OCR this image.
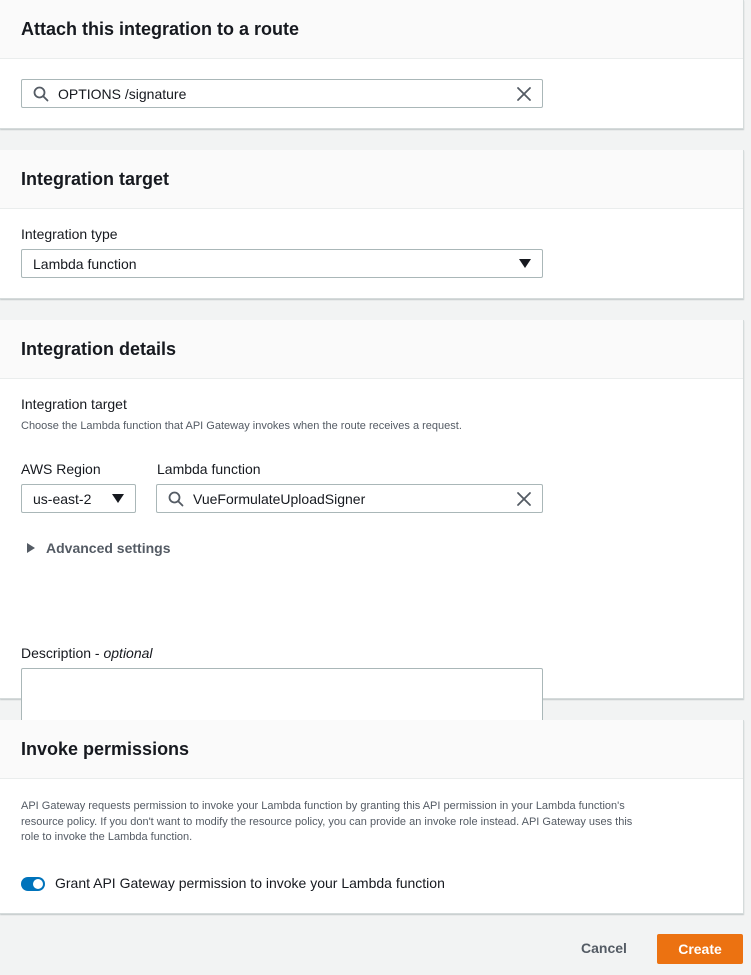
Attach this integration to a route
OPTIONS /signature
Integration target
Integration type
Lambda function
Integration details
Integration target

Choose the Lambda function that API Gateway invokes when the route receives a request.

AWS Region
us-east-2
Lambda function
VueFormulateUploadSigner
Advanced settings
Description - optional
Invoke permissions
API Gateway requests permission to invoke your Lambda function by granting this API permission in your Lambda function's
resource policy. If you don't want to modify the resource policy, you can provide an invoke role instead. API Gateway uses this
role to invoke the Lambda function.
Grant API Gateway permission to invoke your Lambda function
Cancel	Create
